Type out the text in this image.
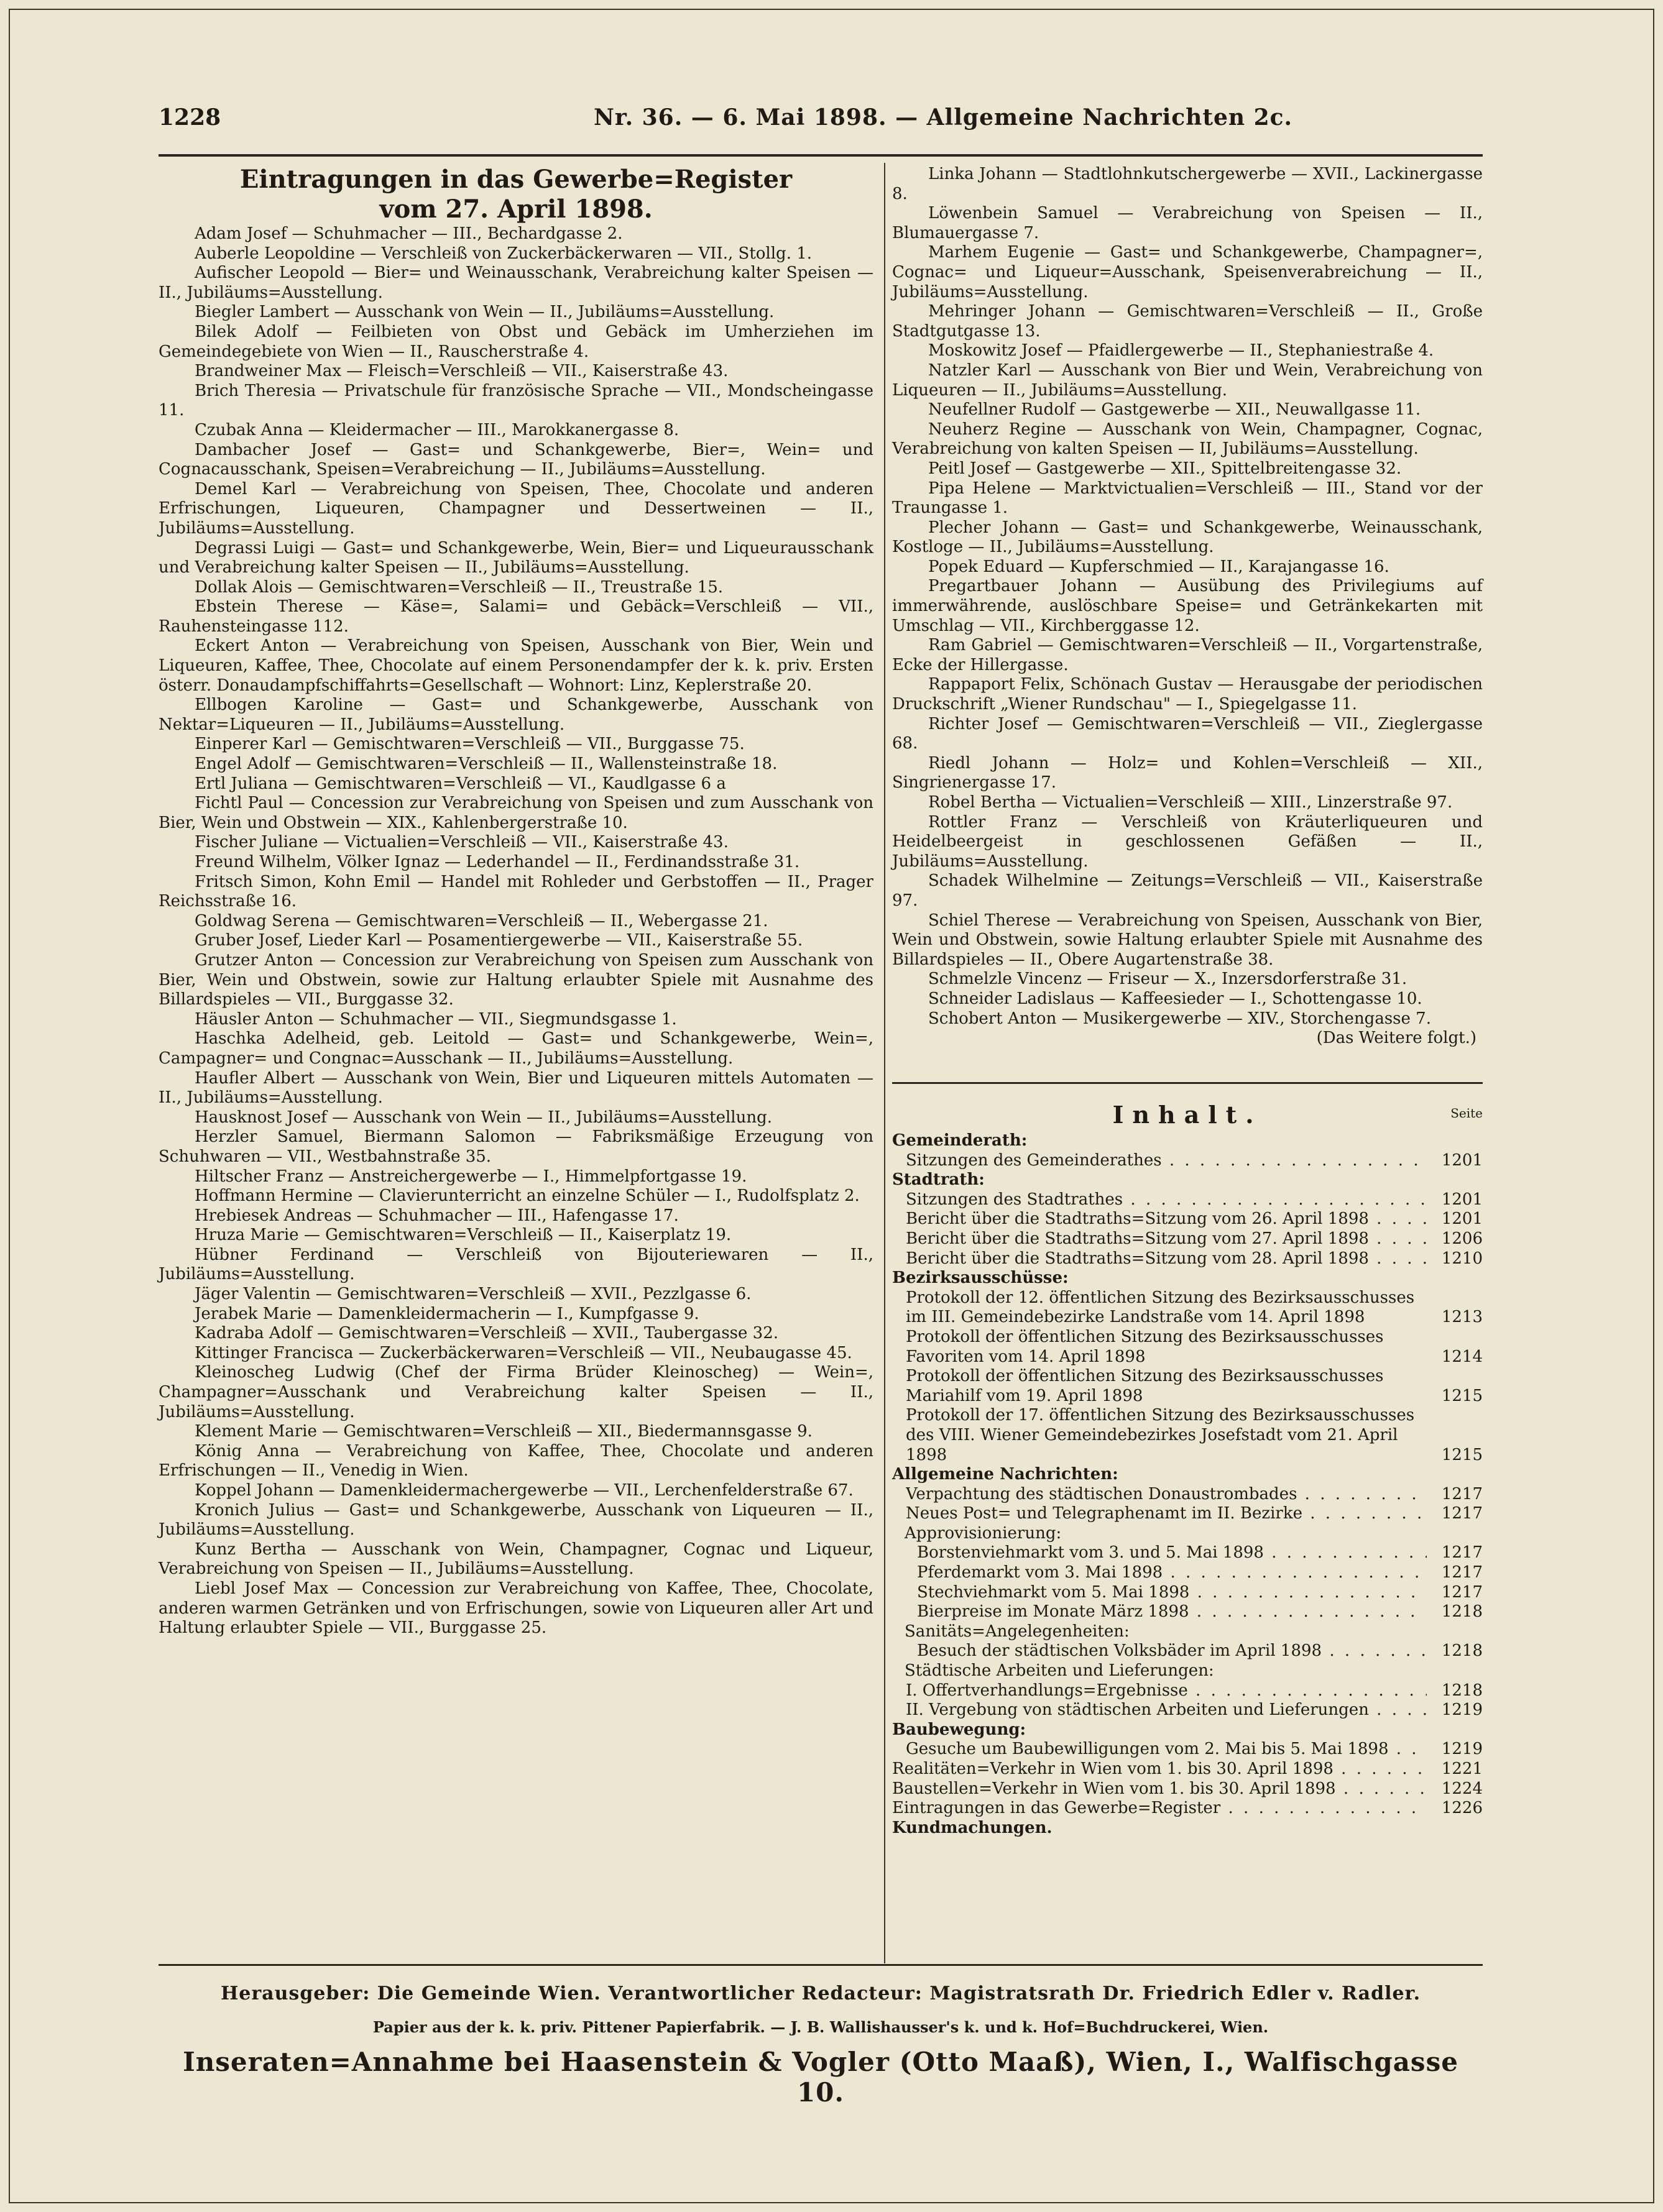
1228	Nr. 36. — 6. Mai 1898. — Allgemeine Nachrichten 2c.
Eintragungen in das Gewerbe=Register
vom 27. April 1898.

Adam Josef — Schuhmacher — III., Bechardgasse 2.

Auberle Leopoldine — Verschleiß von Zuckerbäckerwaren — VII., Stollg. 1.

Aufischer Leopold — Bier= und Weinausschank, Verabreichung kalter Speisen — II., Jubiläums=Ausstellung.

Biegler Lambert — Ausschank von Wein — II., Jubiläums=Ausstellung.

Bilek Adolf — Feilbieten von Obst und Gebäck im Umherziehen im Gemeindegebiete von Wien — II., Rauscherstraße 4.

Brandweiner Max — Fleisch=Verschleiß — VII., Kaiserstraße 43.

Brich Theresia — Privatschule für französische Sprache — VII., Mondscheingasse 11.

Czubak Anna — Kleidermacher — III., Marokkanergasse 8.

Dambacher Josef — Gast= und Schankgewerbe, Bier=, Wein= und Cognacausschank, Speisen=Verabreichung — II., Jubiläums=Ausstellung.

Demel Karl — Verabreichung von Speisen, Thee, Chocolate und anderen Erfrischungen, Liqueuren, Champagner und Dessertweinen — II., Jubiläums=Ausstellung.

Degrassi Luigi — Gast= und Schankgewerbe, Wein, Bier= und Liqueurausschank und Verabreichung kalter Speisen — II., Jubiläums=Ausstellung.

Dollak Alois — Gemischtwaren=Verschleiß — II., Treustraße 15.

Ebstein Therese — Käse=, Salami= und Gebäck=Verschleiß — VII., Rauhensteingasse 112.

Eckert Anton — Verabreichung von Speisen, Ausschank von Bier, Wein und Liqueuren, Kaffee, Thee, Chocolate auf einem Personendampfer der k. k. priv. Ersten österr. Donaudampfschiffahrts=Gesellschaft — Wohnort: Linz, Keplerstraße 20.

Ellbogen Karoline — Gast= und Schankgewerbe, Ausschank von Nektar=Liqueuren — II., Jubiläums=Ausstellung.

Einperer Karl — Gemischtwaren=Verschleiß — VII., Burggasse 75.

Engel Adolf — Gemischtwaren=Verschleiß — II., Wallensteinstraße 18.

Ertl Juliana — Gemischtwaren=Verschleiß — VI., Kaudlgasse 6 a

Fichtl Paul — Concession zur Verabreichung von Speisen und zum Ausschank von Bier, Wein und Obstwein — XIX., Kahlenbergerstraße 10.

Fischer Juliane — Victualien=Verschleiß — VII., Kaiserstraße 43.

Freund Wilhelm, Völker Ignaz — Lederhandel — II., Ferdinandsstraße 31.

Fritsch Simon, Kohn Emil — Handel mit Rohleder und Gerbstoffen — II., Prager Reichsstraße 16.

Goldwag Serena — Gemischtwaren=Verschleiß — II., Webergasse 21.

Gruber Josef, Lieder Karl — Posamentiergewerbe — VII., Kaiserstraße 55.

Grutzer Anton — Concession zur Verabreichung von Speisen zum Ausschank von Bier, Wein und Obstwein, sowie zur Haltung erlaubter Spiele mit Ausnahme des Billardspieles — VII., Burggasse 32.

Häusler Anton — Schuhmacher — VII., Siegmundsgasse 1.

Haschka Adelheid, geb. Leitold — Gast= und Schankgewerbe, Wein=, Campagner= und Congnac=Ausschank — II., Jubiläums=Ausstellung.

Haufler Albert — Ausschank von Wein, Bier und Liqueuren mittels Automaten — II., Jubiläums=Ausstellung.

Hausknost Josef — Ausschank von Wein — II., Jubiläums=Ausstellung.

Herzler Samuel, Biermann Salomon — Fabriksmäßige Erzeugung von Schuhwaren — VII., Westbahnstraße 35.

Hiltscher Franz — Anstreichergewerbe — I., Himmelpfortgasse 19.

Hoffmann Hermine — Clavierunterricht an einzelne Schüler — I., Rudolfsplatz 2.

Hrebiesek Andreas — Schuhmacher — III., Hafengasse 17.

Hruza Marie — Gemischtwaren=Verschleiß — II., Kaiserplatz 19.

Hübner Ferdinand — Verschleiß von Bijouteriewaren — II., Jubiläums=Ausstellung.

Jäger Valentin — Gemischtwaren=Verschleiß — XVII., Pezzlgasse 6.

Jerabek Marie — Damenkleidermacherin — I., Kumpfgasse 9.

Kadraba Adolf — Gemischtwaren=Verschleiß — XVII., Taubergasse 32.

Kittinger Francisca — Zuckerbäckerwaren=Verschleiß — VII., Neubaugasse 45.

Kleinoscheg Ludwig (Chef der Firma Brüder Kleinoscheg) — Wein=, Champagner=Ausschank und Verabreichung kalter Speisen — II., Jubiläums=Ausstellung.

Klement Marie — Gemischtwaren=Verschleiß — XII., Biedermannsgasse 9.

König Anna — Verabreichung von Kaffee, Thee, Chocolate und anderen Erfrischungen — II., Venedig in Wien.

Koppel Johann — Damenkleidermachergewerbe — VII., Lerchenfelderstraße 67.

Kronich Julius — Gast= und Schankgewerbe, Ausschank von Liqueuren — II., Jubiläums=Ausstellung.

Kunz Bertha — Ausschank von Wein, Champagner, Cognac und Liqueur, Verabreichung von Speisen — II., Jubiläums=Ausstellung.

Liebl Josef Max — Concession zur Verabreichung von Kaffee, Thee, Chocolate, anderen warmen Getränken und von Erfrischungen, sowie von Liqueuren aller Art und Haltung erlaubter Spiele — VII., Burggasse 25.

Linka Johann — Stadtlohnkutschergewerbe — XVII., Lackinergasse 8.

Löwenbein Samuel — Verabreichung von Speisen — II., Blumauergasse 7.

Marhem Eugenie — Gast= und Schankgewerbe, Champagner=, Cognac= und Liqueur=Ausschank, Speisenverabreichung — II., Jubiläums=Ausstellung.

Mehringer Johann — Gemischtwaren=Verschleiß — II., Große Stadtgutgasse 13.

Moskowitz Josef — Pfaidlergewerbe — II., Stephaniestraße 4.

Natzler Karl — Ausschank von Bier und Wein, Verabreichung von Liqueuren — II., Jubiläums=Ausstellung.

Neufellner Rudolf — Gastgewerbe — XII., Neuwallgasse 11.

Neuherz Regine — Ausschank von Wein, Champagner, Cognac, Verabreichung von kalten Speisen — II, Jubiläums=Ausstellung.

Peitl Josef — Gastgewerbe — XII., Spittelbreitengasse 32.

Pipa Helene — Marktvictualien=Verschleiß — III., Stand vor der Traungasse 1.

Plecher Johann — Gast= und Schankgewerbe, Weinausschank, Kostloge — II., Jubiläums=Ausstellung.

Popek Eduard — Kupferschmied — II., Karajangasse 16.

Pregartbauer Johann — Ausübung des Privilegiums auf immerwährende, auslöschbare Speise= und Getränkekarten mit Umschlag — VII., Kirchberggasse 12.

Ram Gabriel — Gemischtwaren=Verschleiß — II., Vorgartenstraße, Ecke der Hillergasse.

Rappaport Felix, Schönach Gustav — Herausgabe der periodischen Druckschrift „Wiener Rundschau" — I., Spiegelgasse 11.

Richter Josef — Gemischtwaren=Verschleiß — VII., Zieglergasse 68.

Riedl Johann — Holz= und Kohlen=Verschleiß — XII., Singrienergasse 17.

Robel Bertha — Victualien=Verschleiß — XIII., Linzerstraße 97.

Rottler Franz — Verschleiß von Kräuterliqueuren und Heidelbeergeist in geschlossenen Gefäßen — II., Jubiläums=Ausstellung.

Schadek Wilhelmine — Zeitungs=Verschleiß — VII., Kaiserstraße 97.

Schiel Therese — Verabreichung von Speisen, Ausschank von Bier, Wein und Obstwein, sowie Haltung erlaubter Spiele mit Ausnahme des Billardspieles — II., Obere Augartenstraße 38.

Schmelzle Vincenz — Friseur — X., Inzersdorferstraße 31.

Schneider Ladislaus — Kaffeesieder — I., Schottengasse 10.

Schobert Anton — Musikergewerbe — XIV., Storchengasse 7.

(Das Weitere folgt.)

Inhalt.	Seite

Gemeinderath:

Sitzungen des Gemeinderathes . . .	1201

Stadtrath:

Sitzungen des Stadtrathes . . .	1201
Bericht über die Stadtraths=Sitzung vom 26. April 1898 . . .	1201
Bericht über die Stadtraths=Sitzung vom 27. April 1898 . . .	1206
Bericht über die Stadtraths=Sitzung vom 28. April 1898 . . .	1210

Bezirksausschüsse:

Protokoll der 12. öffentlichen Sitzung des Bezirksausschusses im III. Gemeindebezirke Landstraße vom 14. April 1898	1213
Protokoll der öffentlichen Sitzung des Bezirksausschusses Favoriten vom 14. April 1898	1214
Protokoll der öffentlichen Sitzung des Bezirksausschusses Mariahilf vom 19. April 1898	1215
Protokoll der 17. öffentlichen Sitzung des Bezirksausschusses des VIII. Wiener Gemeindebezirkes Josefstadt vom 21. April 1898	1215

Allgemeine Nachrichten:

Verpachtung des städtischen Donaustrombades . . .	1217
Neues Post= und Telegraphenamt im II. Bezirke . . .	1217

Approvisionierung:

Borstenviehmarkt vom 3. und 5. Mai 1898 . . .	1217
Pferdemarkt vom 3. Mai 1898 . . .	1217
Stechviehmarkt vom 5. Mai 1898 . . .	1217
Bierpreise im Monate März 1898 . . .	1218

Sanitäts=Angelegenheiten:

Besuch der städtischen Volksbäder im April 1898 . . .	1218

Städtische Arbeiten und Lieferungen:

I. Offertverhandlungs=Ergebnisse . . .	1218
II. Vergebung von städtischen Arbeiten und Lieferungen . . .	1219

Baubewegung:

Gesuche um Baubewilligungen vom 2. Mai bis 5. Mai 1898 . . .	1219
Realitäten=Verkehr in Wien vom 1. bis 30. April 1898 . . .	1221
Baustellen=Verkehr in Wien vom 1. bis 30. April 1898 . . .	1224
Eintragungen in das Gewerbe=Register . . .	1226

Kundmachungen.

Herausgeber: Die Gemeinde Wien. Verantwortlicher Redacteur: Magistratsrath Dr. Friedrich Edler v. Radler.
Papier aus der k. k. priv. Pittener Papierfabrik. — J. B. Wallishausser's k. und k. Hof=Buchdruckerei, Wien.
Inseraten=Annahme bei Haasenstein & Vogler (Otto Maaß), Wien, I., Walfischgasse 10.
